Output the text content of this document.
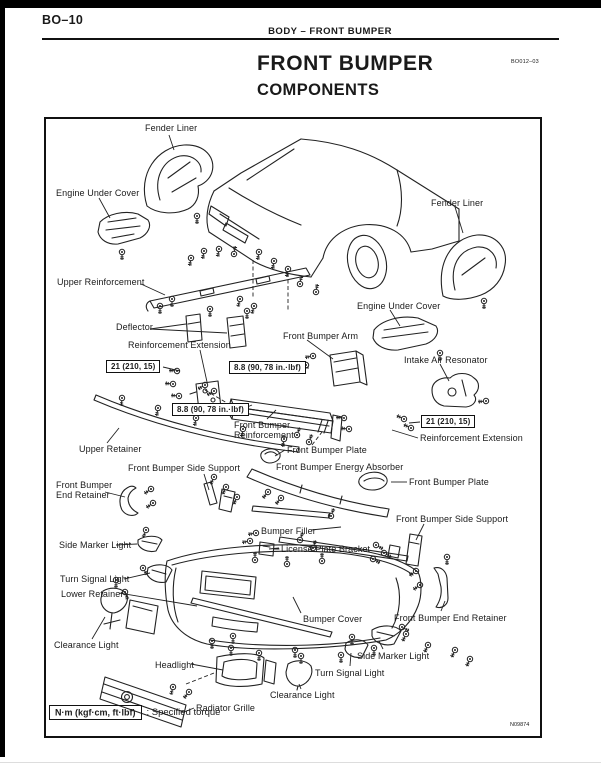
BO–10
BODY – FRONT BUMPER
FRONT BUMPER	BO012–03
COMPONENTS
Fender Liner
Engine Under Cover
Upper Reinforcement
Deflector
Reinforcement Extension
21 (210, 15)	8.8 (90, 78 in.·lbf)
Front Bumper Arm
8.8 (90, 78 in.·lbf)
Fender Liner
Engine Under Cover
Intake Air Resonator
21 (210, 15)
Reinforcement Extension
Front Bumper Reinforcement
Upper Retainer	Front Bumper Plate
Front Bumper Energy Absorber
Front Bumper Plate
Front Bumper Side Support
Front Bumper End Retainer
Front Bumper Side Support
Side Marker Light
Turn Signal Light
Lower Retainer
Bumper Filler
License Plate Bracket
Clearance Light
Headlight
Bumper Cover	Front Bumper End Retainer
Side Marker Light
Turn Signal Light
Clearance Light
Radiator Grille
N·m (kgf·cm, ft·lbf) : Specified torque
N09874
